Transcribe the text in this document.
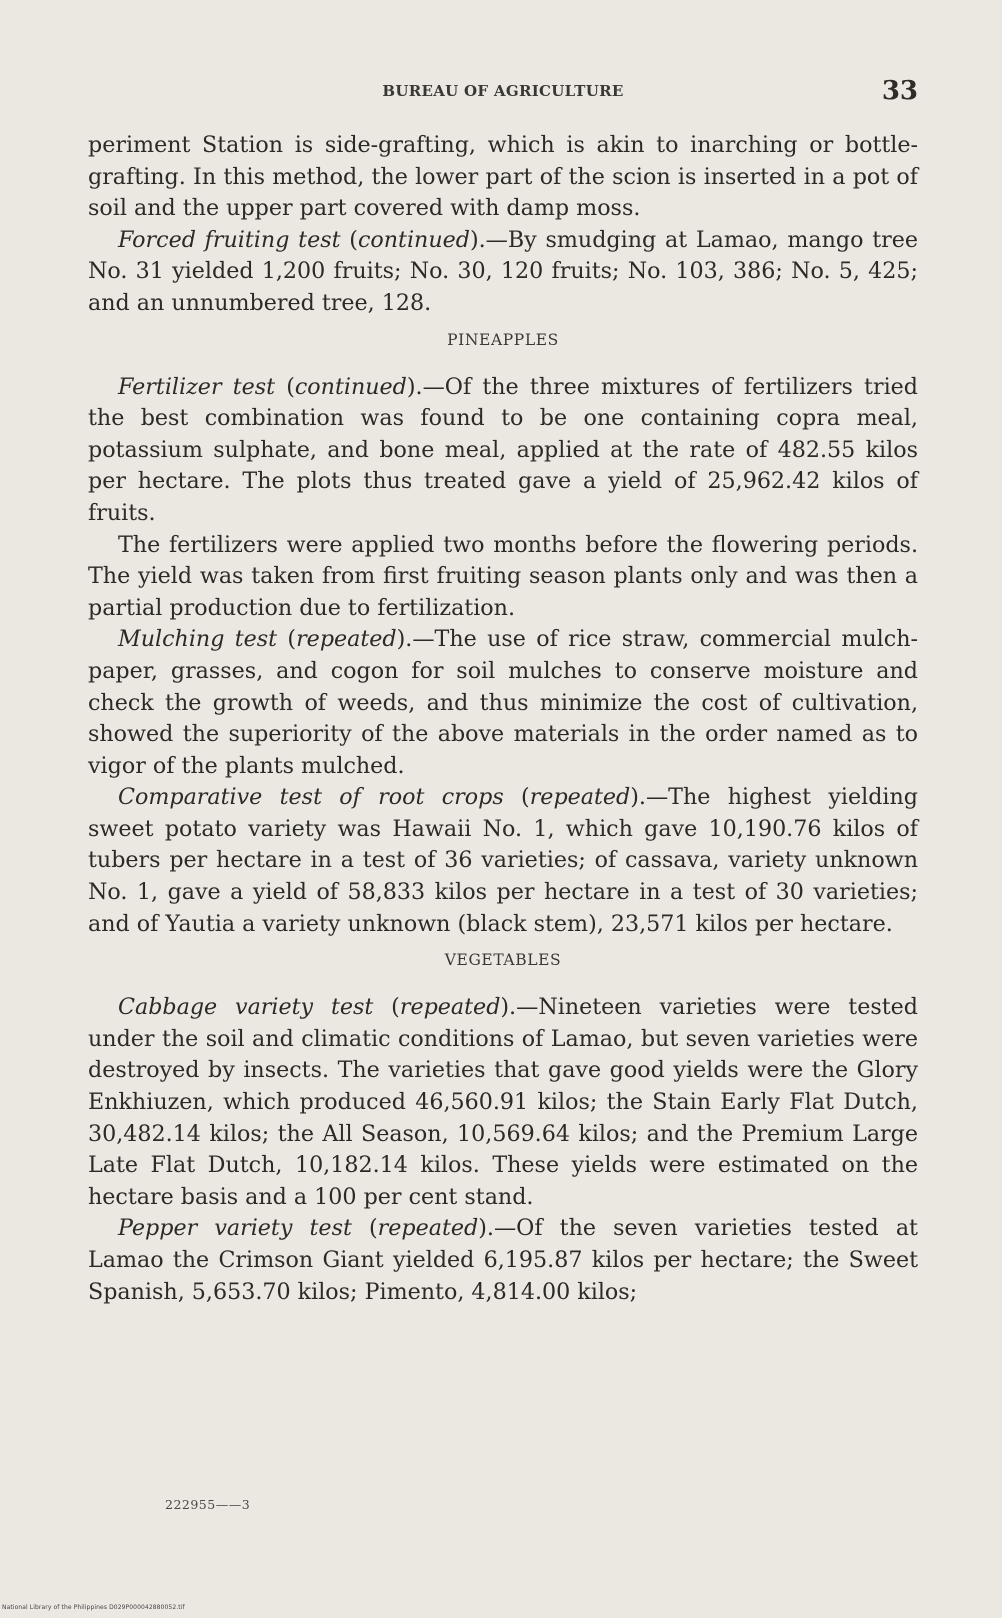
BUREAU OF AGRICULTURE	33

periment Station is side-grafting, which is akin to inarching or bottle-grafting. In this method, the lower part of the scion is inserted in a pot of soil and the upper part covered with damp moss.

Forced fruiting test (continued).—By smudging at Lamao, mango tree No. 31 yielded 1,200 fruits; No. 30, 120 fruits; No. 103, 386; No. 5, 425; and an unnumbered tree, 128.

PINEAPPLES

Fertilizer test (continued).—Of the three mixtures of fertilizers tried the best combination was found to be one containing copra meal, potassium sulphate, and bone meal, applied at the rate of 482.55 kilos per hectare. The plots thus treated gave a yield of 25,962.42 kilos of fruits.

The fertilizers were applied two months before the flowering periods. The yield was taken from first fruiting season plants only and was then a partial production due to fertilization.

Mulching test (repeated).—The use of rice straw, commercial mulch-paper, grasses, and cogon for soil mulches to conserve moisture and check the growth of weeds, and thus minimize the cost of cultivation, showed the superiority of the above materials in the order named as to vigor of the plants mulched.

Comparative test of root crops (repeated).—The highest yielding sweet potato variety was Hawaii No. 1, which gave 10,190.76 kilos of tubers per hectare in a test of 36 varieties; of cassava, variety unknown No. 1, gave a yield of 58,833 kilos per hectare in a test of 30 varieties; and of Yautia a variety unknown (black stem), 23,571 kilos per hectare.

VEGETABLES

Cabbage variety test (repeated).—Nineteen varieties were tested under the soil and climatic conditions of Lamao, but seven varieties were destroyed by insects. The varieties that gave good yields were the Glory Enkhiuzen, which produced 46,560.91 kilos; the Stain Early Flat Dutch, 30,482.14 kilos; the All Season, 10,569.64 kilos; and the Premium Large Late Flat Dutch, 10,182.14 kilos. These yields were estimated on the hectare basis and a 100 per cent stand.

Pepper variety test (repeated).—Of the seven varieties tested at Lamao the Crimson Giant yielded 6,195.87 kilos per hectare; the Sweet Spanish, 5,653.70 kilos; Pimento, 4,814.00 kilos;

222955——3
National Library of the Philippines D029P000042880052.tif
